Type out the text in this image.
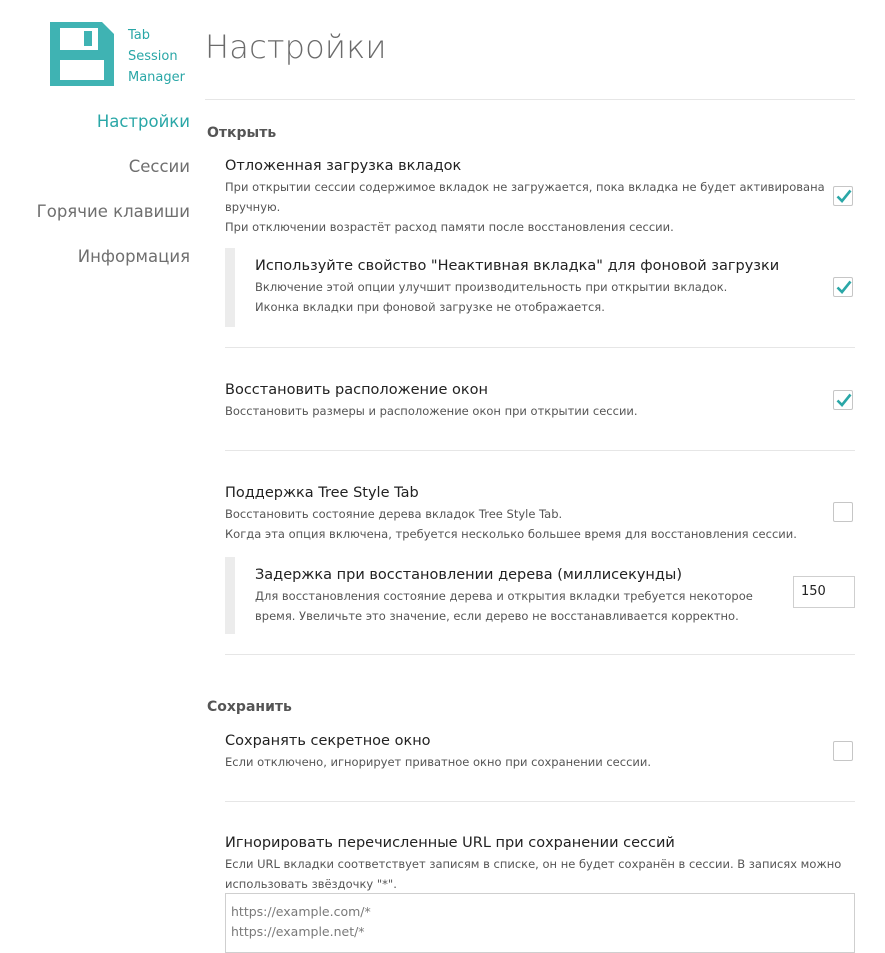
Tab
Session
Manager
Настройки
Сессии
Горячие клавиши
Информация
Настройки
Открыть
Отложенная загрузка вкладок
При открытии сессии содержимое вкладок не загружается, пока вкладка не будет активирована
вручную.
При отключении возрастёт расход памяти после восстановления сессии.
Используйте свойство "Неактивная вкладка" для фоновой загрузки
Включение этой опции улучшит производительность при открытии вкладок.
Иконка вкладки при фоновой загрузке не отображается.
Восстановить расположение окон
Восстановить размеры и расположение окон при открытии сессии.
Поддержка Tree Style Tab
Восстановить состояние дерева вкладок Tree Style Tab.
Когда эта опция включена, требуется несколько большее время для восстановления сессии.
Задержка при восстановлении дерева (миллисекунды)
Для восстановления состояние дерева и открытия вкладки требуется некоторое
время. Увеличьте это значение, если дерево не восстанавливается корректно.
150
Сохранить
Сохранять секретное окно
Если отключено, игнорирует приватное окно при сохранении сессии.
Игнорировать перечисленные URL при сохранении сессий
Если URL вкладки соответствует записям в списке, он не будет сохранён в сессии. В записях можно
использовать звёздочку "*".
https://example.com/*
https://example.net/*
